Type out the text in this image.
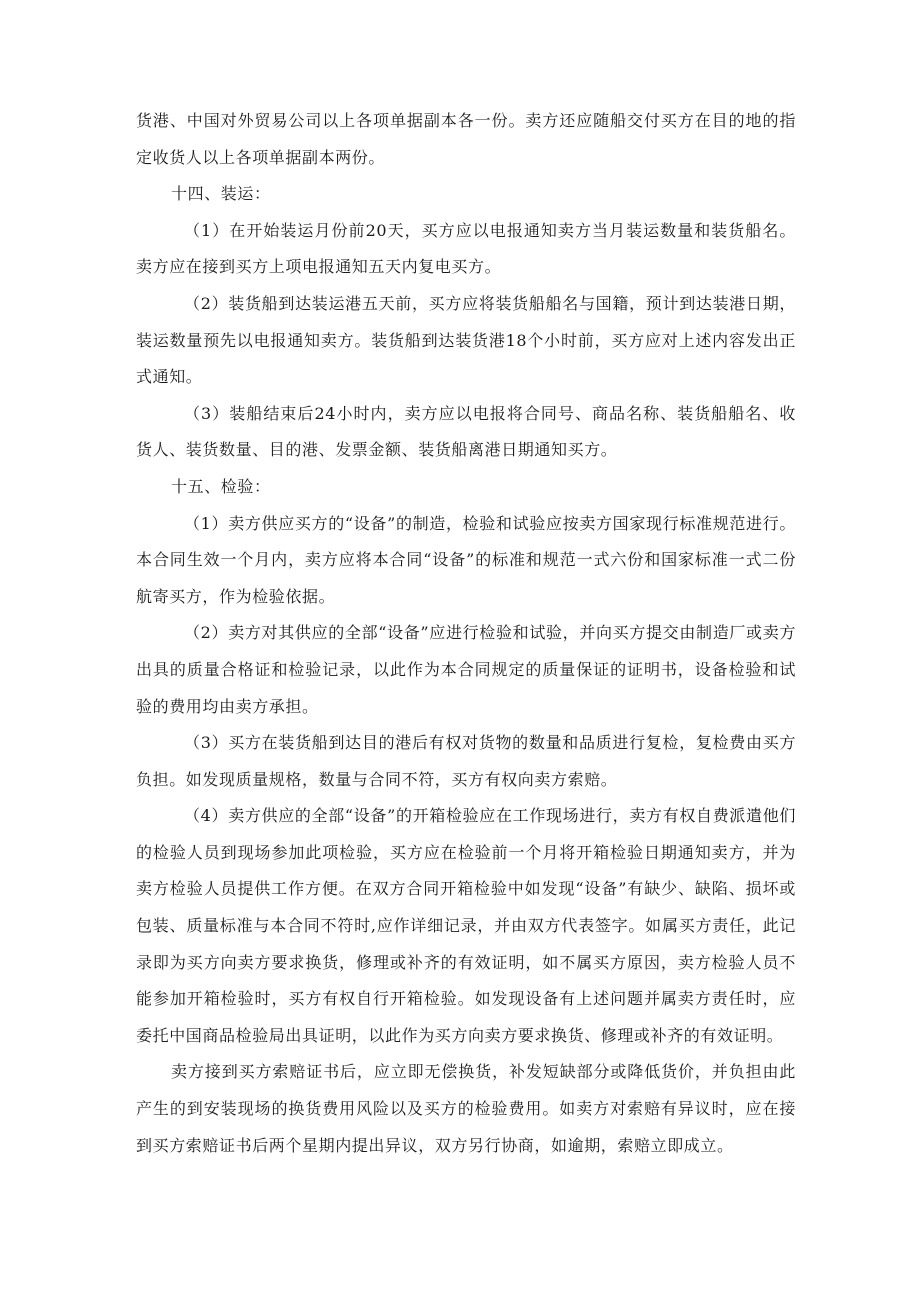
货港、中国对外贸易公司以上各项单据副本各一份。卖方还应随船交付买方在目的地的指定收货人以上各项单据副本两份。

十四、装运：

（1）在开始装运月份前20天，买方应以电报通知卖方当月装运数量和装货船名。卖方应在接到买方上项电报通知五天内复电买方。

（2）装货船到达装运港五天前，买方应将装货船船名与国籍，预计到达装港日期，装运数量预先以电报通知卖方。装货船到达装货港18个小时前，买方应对上述内容发出正式通知。

（3）装船结束后24小时内，卖方应以电报将合同号、商品名称、装货船船名、收货人、装货数量、目的港、发票金额、装货船离港日期通知买方。

十五、检验：

（1）卖方供应买方的“设备”的制造，检验和试验应按卖方国家现行标准规范进行。本合同生效一个月内，卖方应将本合同“设备”的标准和规范一式六份和国家标准一式二份航寄买方，作为检验依据。

（2）卖方对其供应的全部“设备”应进行检验和试验，并向买方提交由制造厂或卖方出具的质量合格证和检验记录，以此作为本合同规定的质量保证的证明书，设备检验和试验的费用均由卖方承担。

（3）买方在装货船到达目的港后有权对货物的数量和品质进行复检，复检费由买方负担。如发现质量规格，数量与合同不符，买方有权向卖方索赔。

（4）卖方供应的全部“设备”的开箱检验应在工作现场进行，卖方有权自费派遣他们的检验人员到现场参加此项检验，买方应在检验前一个月将开箱检验日期通知卖方，并为卖方检验人员提供工作方便。在双方合同开箱检验中如发现“设备”有缺少、缺陷、损坏或包装、质量标准与本合同不符时,应作详细记录，并由双方代表签字。如属买方责任，此记录即为买方向卖方要求换货，修理或补齐的有效证明，如不属买方原因，卖方检验人员不能参加开箱检验时，买方有权自行开箱检验。如发现设备有上述问题并属卖方责任时，应委托中国商品检验局出具证明，以此作为买方向卖方要求换货、修理或补齐的有效证明。

卖方接到买方索赔证书后，应立即无偿换货，补发短缺部分或降低货价，并负担由此产生的到安装现场的换货费用风险以及买方的检验费用。如卖方对索赔有异议时，应在接到买方索赔证书后两个星期内提出异议，双方另行协商，如逾期，索赔立即成立。
